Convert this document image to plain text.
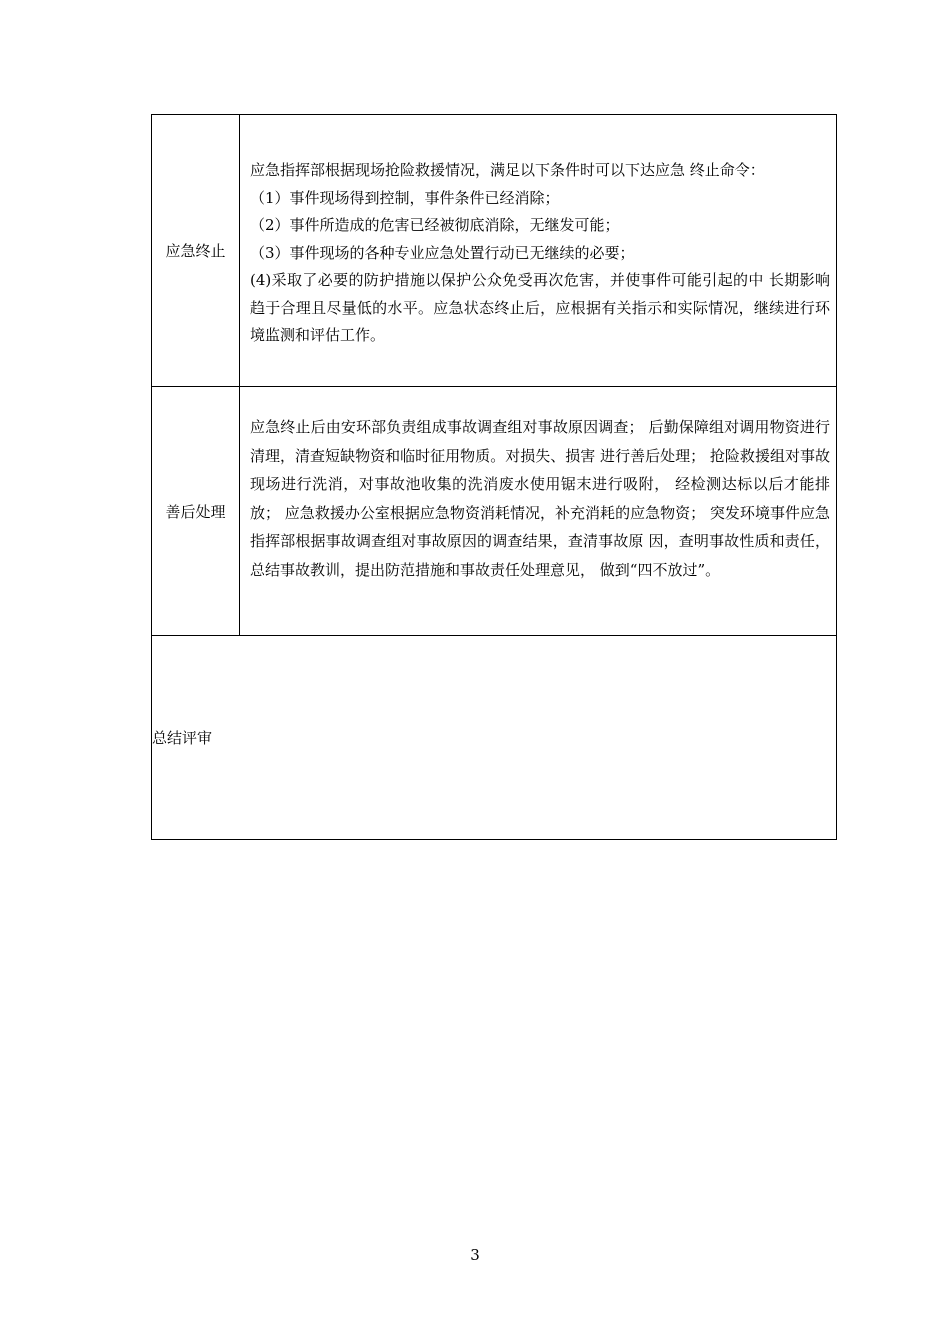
应急终止
应急指挥部根据现场抢险救援情况，满足以下条件时可以下达应急 终止命令：
（1）事件现场得到控制，事件条件已经消除；
（2）事件所造成的危害已经被彻底消除，无继发可能；
（3）事件现场的各种专业应急处置行动已无继续的必要；
(4)采取了必要的防护措施以保护公众免受再次危害，并使事件可能引起的中 长期影响趋于合理且尽量低的水平。应急状态终止后，应根据有关指示和实际情况，继续进行环境监测和评估工作。
善后处理
应急终止后由安环部负责组成事故调查组对事故原因调查； 后勤保障组对调用物资进行清理，清查短缺物资和临时征用物质。对损失、损害 进行善后处理； 抢险救援组对事故现场进行洗消，对事故池收集的洗消废水使用锯末进行吸附， 经检测达标以后才能排放； 应急救援办公室根据应急物资消耗情况，补充消耗的应急物资； 突发环境事件应急指挥部根据事故调查组对事故原因的调查结果，查清事故原 因，查明事故性质和责任，总结事故教训，提出防范措施和事故责任处理意见， 做到“四不放过”。
总结评审
3
